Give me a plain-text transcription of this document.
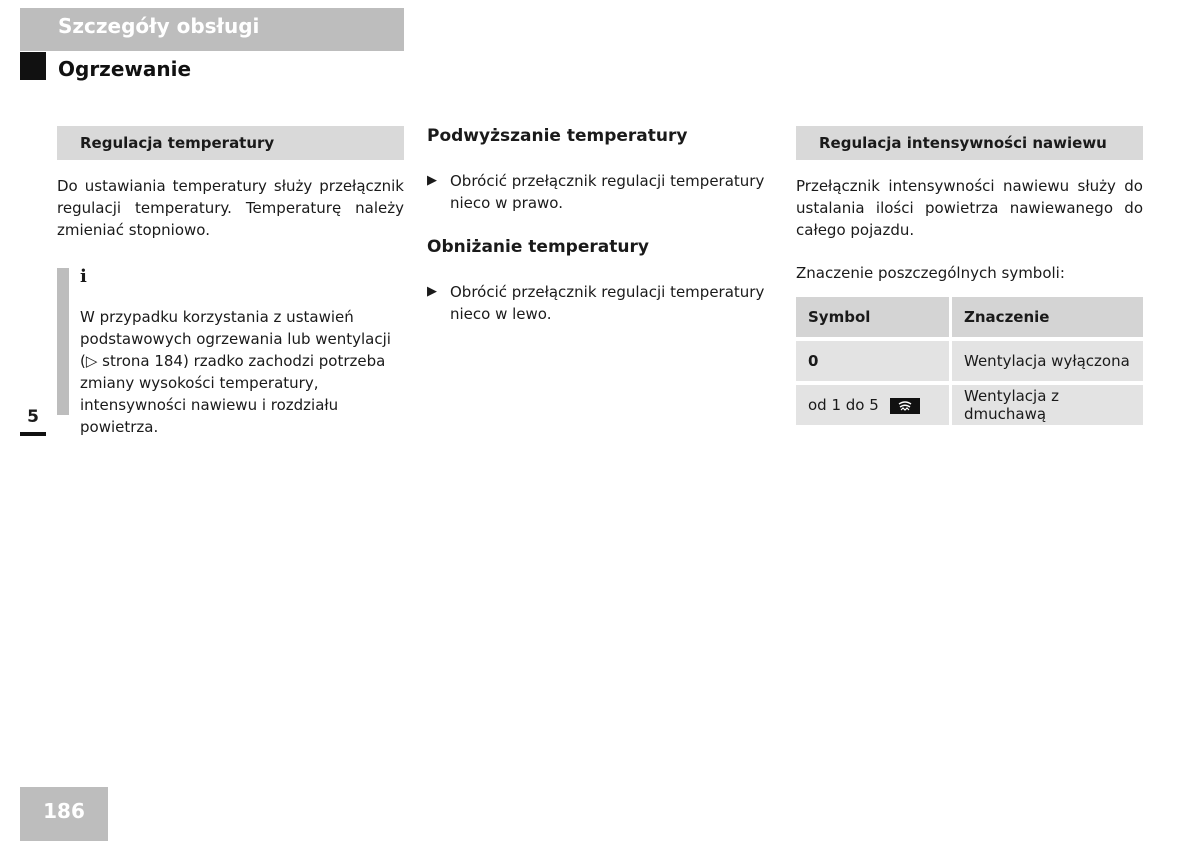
Szczegóły obsługi
Ogrzewanie
Regulacja temperatury
Do ustawiania temperatury służy przełącznik regulacji temperatury. Temperaturę należy zmieniać stopniowo.
i
W przypadku korzystania z ustawień podstawowych ogrzewania lub wentylacji (▷ strona 184) rzadko zachodzi potrzeba zmiany wysokości temperatury, intensywności nawiewu i rozdziału powietrza.
Podwyższanie temperatury
▶ Obrócić przełącznik regulacji temperatury nieco w prawo.
Obniżanie temperatury
▶ Obrócić przełącznik regulacji temperatury nieco w lewo.
Regulacja intensywności nawiewu
Przełącznik intensywności nawiewu służy do ustalania ilości powietrza nawiewanego do całego pojazdu.
Znaczenie poszczególnych symboli:
Symbol	Znaczenie
0	Wentylacja wyłączona
od 1 do 5	Wentylacja z dmuchawą
5
186
